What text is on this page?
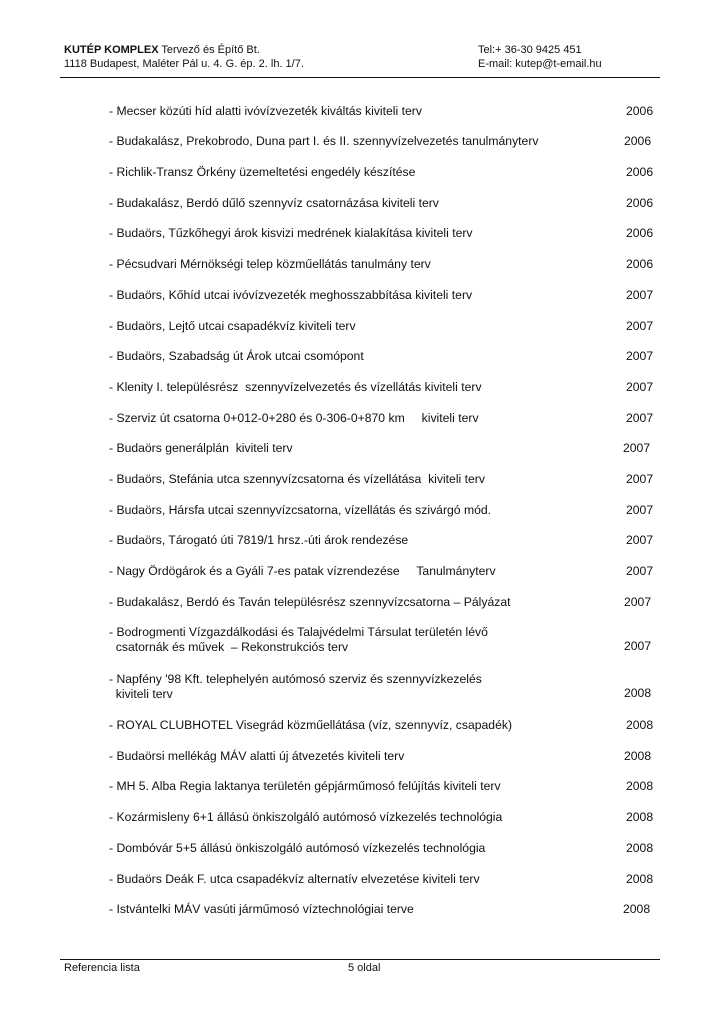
KUTÉP KOMPLEX Tervező és Építő Bt.
1118 Budapest, Maléter Pál u. 4. G. ép. 2. lh. 1/7.
Tel:+ 36-30 9425 451
E-mail: kutep@t-email.hu
- Mecser közúti híd alatti ivóvízvezeték kiváltás kiviteli terv	2006
- Budakalász, Prekobrodo, Duna part I. és II. szennyvízelvezetés tanulmányterv	2006
- Richlik-Transz Örkény üzemeltetési engedély készítése	2006
- Budakalász, Berdó dűlő szennyvíz csatornázása kiviteli terv	2006
- Budaörs, Tűzkőhegyi árok kisvizi medrének kialakítása kiviteli terv	2006
- Pécsudvari Mérnökségi telep közműellátás tanulmány terv	2006
- Budaörs, Kőhíd utcai ivóvízvezeték meghosszabbítása kiviteli terv	2007
- Budaörs, Lejtő utcai csapadékvíz kiviteli terv	2007
- Budaörs, Szabadság út Árok utcai csomópont	2007
- Klenity I. településrész  szennyvízelvezetés és vízellátás kiviteli terv	2007
- Szerviz út csatorna 0+012-0+280 és 0-306-0+870 km     kiviteli terv	2007
- Budaörs generálplán  kiviteli terv	2007
- Budaörs, Stefánia utca szennyvízcsatorna és vízellátása  kiviteli terv	2007
- Budaörs, Hársfa utcai szennyvízcsatorna, vízellátás és szivárgó mód.	2007
- Budaörs, Tárogató úti 7819/1 hrsz.-úti árok rendezése	2007
- Nagy Ördögárok és a Gyáli 7-es patak vízrendezése     Tanulmányterv	2007
- Budakalász, Berdó és Taván településrész szennyvízcsatorna – Pályázat	2007
- Bodrogmenti Vízgazdálkodási és Talajvédelmi Társulat területén lévő
csatornák és művek  – Rekonstrukciós terv	2007
- Napfény '98 Kft. telephelyén autómosó szerviz és szennyvízkezelés
kiviteli terv	2008
- ROYAL CLUBHOTEL Visegrád közműellátása (víz, szennyvíz, csapadék)	2008
- Budaörsi mellékág MÁV alatti új átvezetés kiviteli terv	2008
- MH 5. Alba Regia laktanya területén gépjárműmosó felújítás kiviteli terv	2008
- Kozármisleny 6+1 állású önkiszolgáló autómosó vízkezelés technológia	2008
- Dombóvár 5+5 állású önkiszolgáló autómosó vízkezelés technológia	2008
- Budaörs Deák F. utca csapadékvíz alternatív elvezetése kiviteli terv	2008
- Istvántelki MÁV vasúti járműmosó víztechnológiai terve	2008
Referencia lista	5 oldal
